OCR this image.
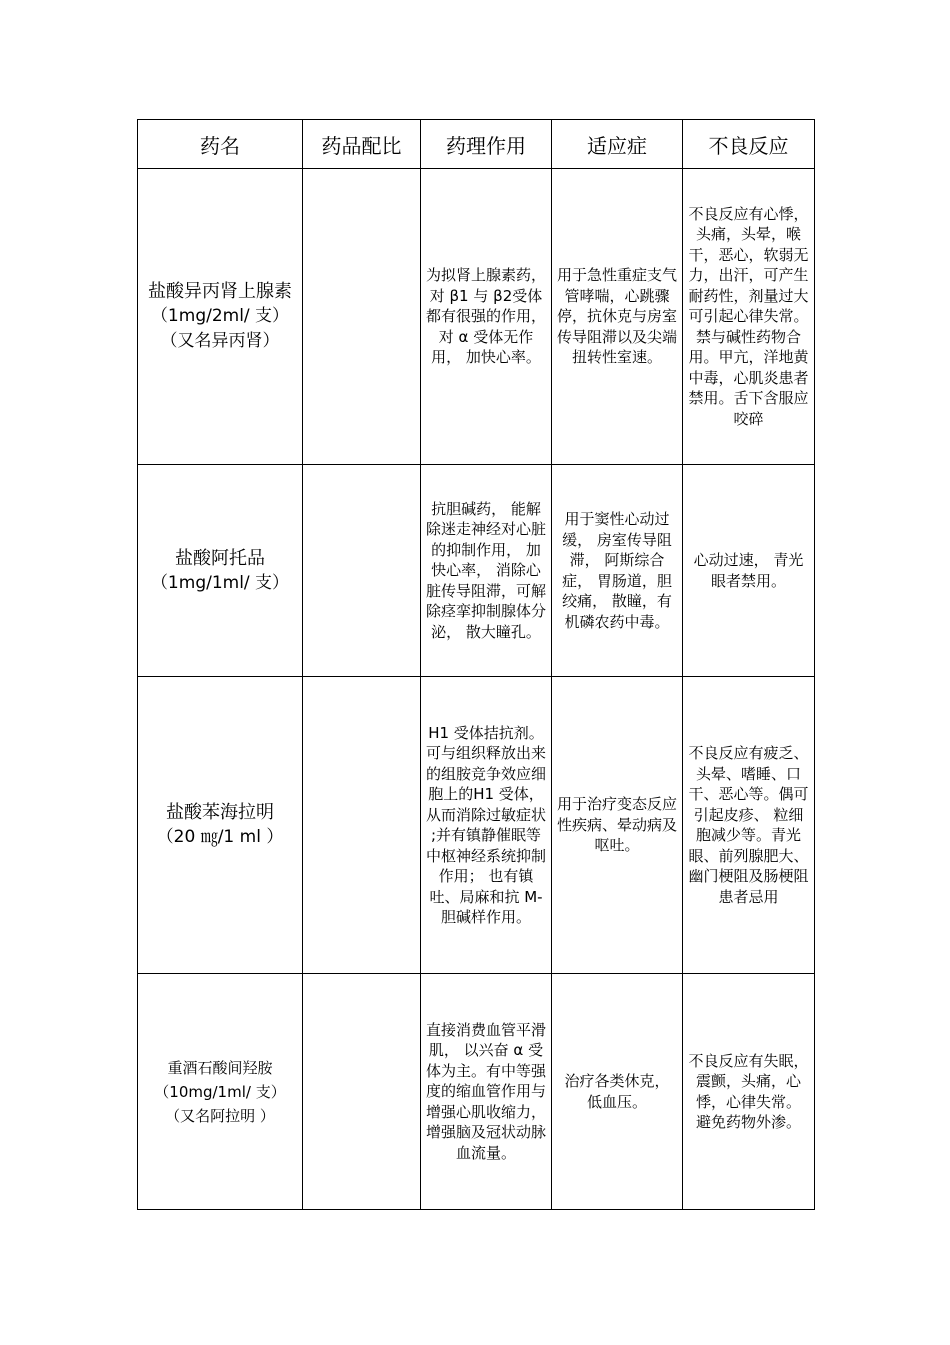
药名	药品配比	药理作用	适应症	不良反应

盐酸异丙肾上腺素
（1mg/2ml/ 支）
（又名异丙肾）		为拟肾上腺素药，对 β1 与 β2受体都有很强的作用，对 α 受体无作用， 加快心率。	用于急性重症支气管哮喘，心跳骤停，抗休克与房室传导阻滞以及尖端扭转性室速。	不良反应有心悸，头痛，头晕，喉干，恶心，软弱无力，出汗，可产生耐药性，剂量过大可引起心律失常。禁与碱性药物合用。甲亢，洋地黄中毒，心肌炎患者禁用。舌下含服应咬碎

盐酸阿托品
（1mg/1ml/ 支）		抗胆碱药， 能解除迷走神经对心脏的抑制作用， 加快心率， 消除心脏传导阻滞，可解除痉挛抑制腺体分泌， 散大瞳孔。	用于窦性心动过缓， 房室传导阻滞， 阿斯综合症， 胃肠道，胆绞痛， 散瞳，有机磷农药中毒。	心动过速， 青光眼者禁用。

盐酸苯海拉明
（20 ㎎/1 ml ）		H1 受体拮抗剂。可与组织释放出来的组胺竞争效应细胞上的H1 受体，从而消除过敏症状 ;并有镇静催眠等中枢神经系统抑制作用； 也有镇吐、局麻和抗 M- 胆碱样作用。	用于治疗变态反应性疾病、晕动病及呕吐。	不良反应有疲乏、头晕、嗜睡、口干、恶心等。偶可引起皮疹、 粒细胞减少等。青光眼、前列腺肥大、幽门梗阻及肠梗阻患者忌用

重酒石酸间羟胺
（10mg/1ml/ 支）
（又名阿拉明 ）		直接消费血管平滑肌， 以兴奋 α 受体为主。有中等强度的缩血管作用与增强心肌收缩力，增强脑及冠状动脉血流量。	治疗各类休克， 低血压。	不良反应有失眠，震颤，头痛，心悸，心律失常。 避免药物外渗。
